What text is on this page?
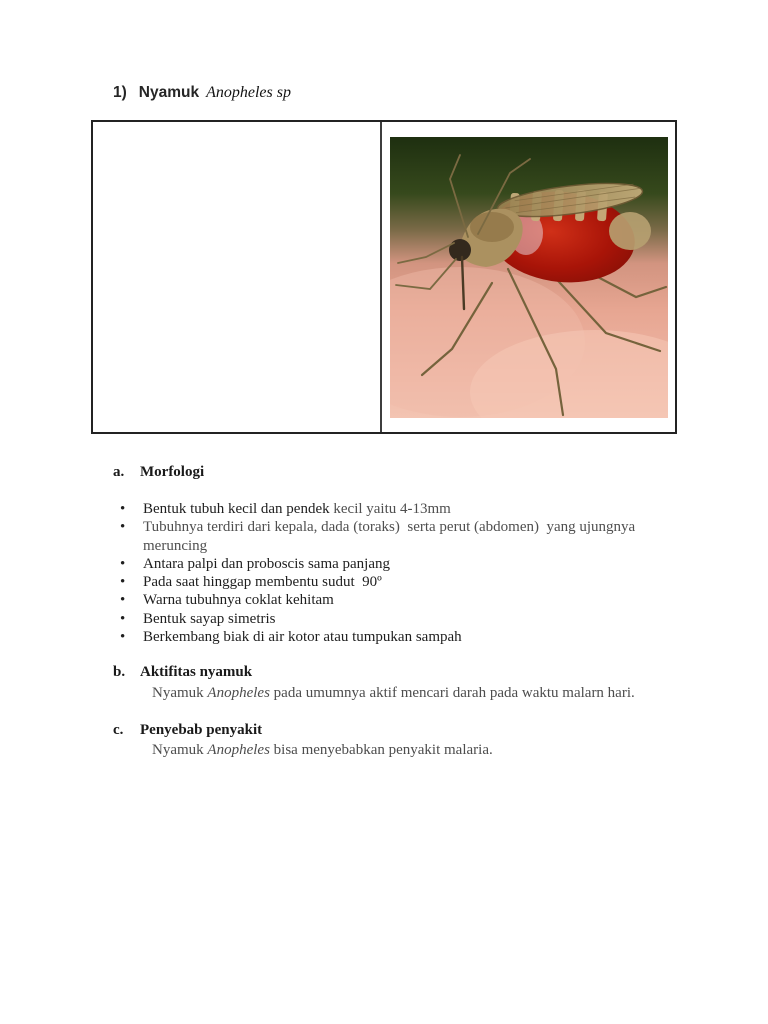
1) Nyamuk Anopheles sp
a. Morfologi
• Bentuk tubuh kecil dan pendek kecil yaitu 4-13mm
• Tubuhnya terdiri dari kepala, dada (toraks)  serta perut (abdomen)  yang ujungnya meruncing
• Antara palpi dan proboscis sama panjang
• Pada saat hinggap membentu sudut  90º
• Warna tubuhnya coklat kehitam
• Bentuk sayap simetris
• Berkembang biak di air kotor atau tumpukan sampah
b. Aktifitas nyamuk
Nyamuk Anopheles pada umumnya aktif mencari darah pada waktu malarn hari.
c. Penyebab penyakit
Nyamuk Anopheles bisa menyebabkan penyakit malaria.
